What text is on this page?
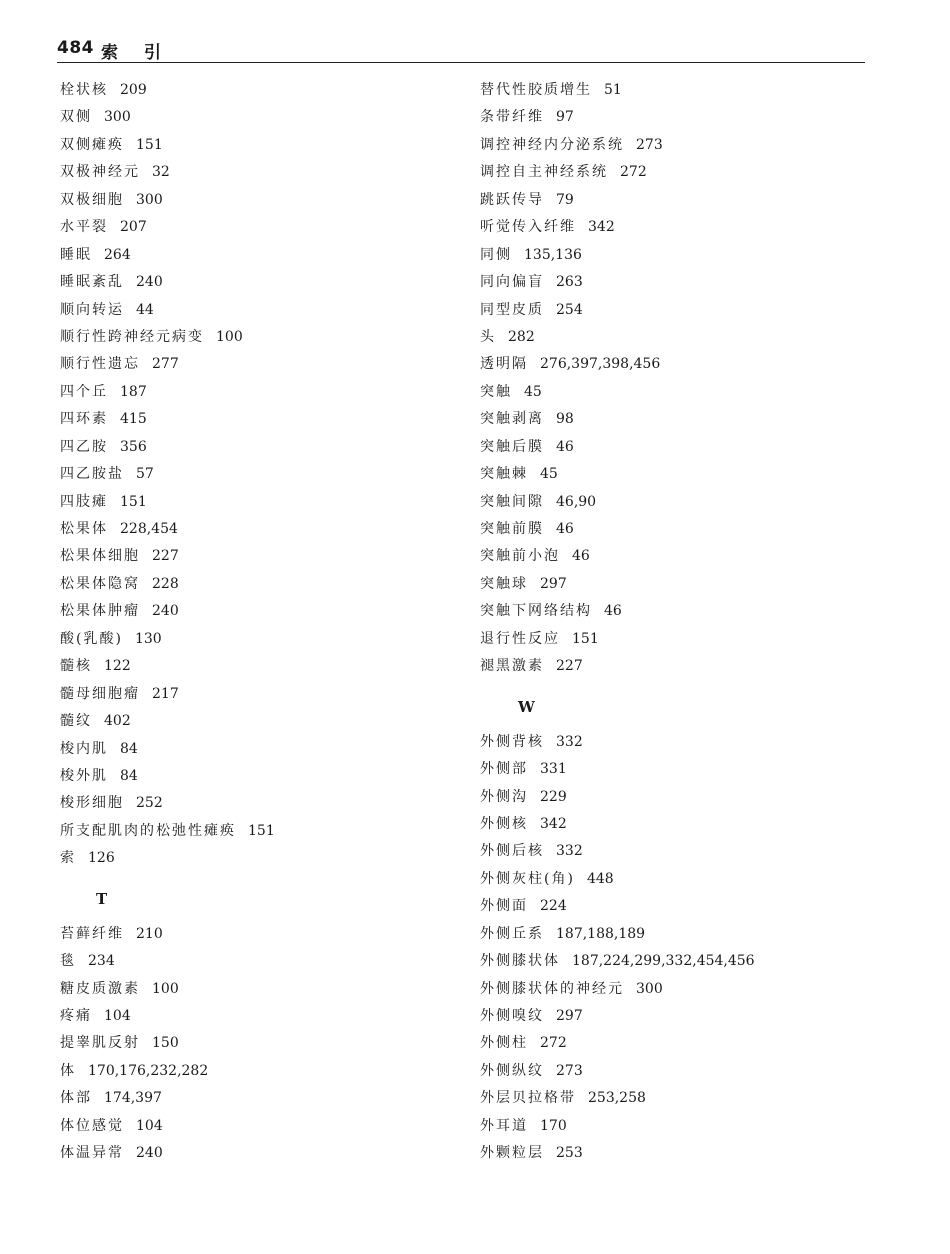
484 索引
栓状核 209
双侧 300
双侧瘫痪 151
双极神经元 32
双极细胞 300
水平裂 207
睡眠 264
睡眠紊乱 240
顺向转运 44
顺行性跨神经元病变 100
顺行性遗忘 277
四个丘 187
四环素 415
四乙胺 356
四乙胺盐 57
四肢瘫 151
松果体 228,454
松果体细胞 227
松果体隐窝 228
松果体肿瘤 240
酸(乳酸) 130
髓核 122
髓母细胞瘤 217
髓纹 402
梭内肌 84
梭外肌 84
梭形细胞 252
所支配肌肉的松弛性瘫痪 151
索 126
T
苔藓纤维 210
毯 234
糖皮质激素 100
疼痛 104
提睾肌反射 150
体 170,176,232,282
体部 174,397
体位感觉 104
体温异常 240
替代性胶质增生 51
条带纤维 97
调控神经内分泌系统 273
调控自主神经系统 272
跳跃传导 79
听觉传入纤维 342
同侧 135,136
同向偏盲 263
同型皮质 254
头 282
透明隔 276,397,398,456
突触 45
突触剥离 98
突触后膜 46
突触棘 45
突触间隙 46,90
突触前膜 46
突触前小泡 46
突触球 297
突触下网络结构 46
退行性反应 151
褪黑激素 227
W
外侧背核 332
外侧部 331
外侧沟 229
外侧核 342
外侧后核 332
外侧灰柱(角) 448
外侧面 224
外侧丘系 187,188,189
外侧膝状体 187,224,299,332,454,456
外侧膝状体的神经元 300
外侧嗅纹 297
外侧柱 272
外侧纵纹 273
外层贝拉格带 253,258
外耳道 170
外颗粒层 253
